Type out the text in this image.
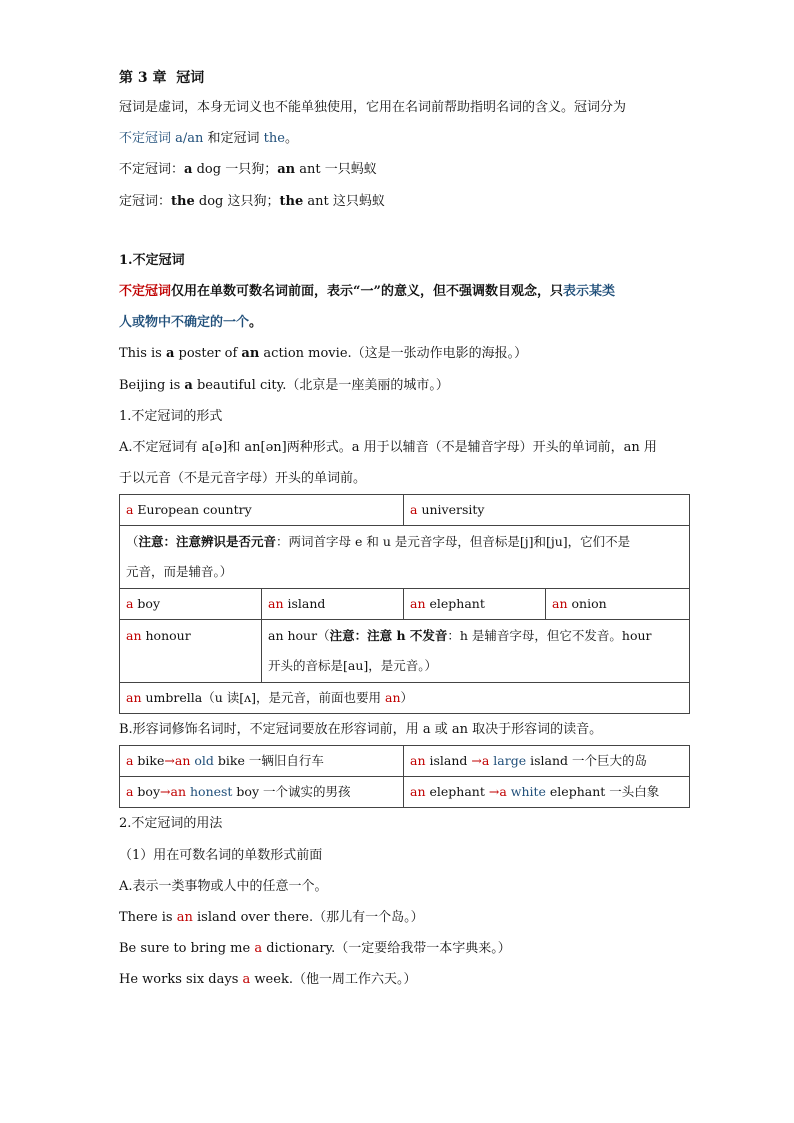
第 3 章 冠词
冠词是虚词，本身无词义也不能单独使用，它用在名词前帮助指明名词的含义。冠词分为
不定冠词 a/an 和定冠词 the。
不定冠词：a dog 一只狗；an ant 一只蚂蚁
定冠词：the dog 这只狗；the ant 这只蚂蚁
1.不定冠词
不定冠词仅用在单数可数名词前面，表示“一”的意义，但不强调数目观念，只表示某类
人或物中不确定的一个。
This is a poster of an action movie.（这是一张动作电影的海报。）
Beijing is a beautiful city.（北京是一座美丽的城市。）
1.不定冠词的形式
A.不定冠词有 a[ə]和 an[ən]两种形式。a 用于以辅音（不是辅音字母）开头的单词前，an 用
于以元音（不是元音字母）开头的单词前。
a European country		a university	

（注意：注意辨识是否元音：两词首字母 e 和 u 是元音字母，但音标是[j]和[ju]，它们不是
元音，而是辅音。）			

a boy	an island	an elephant	an onion
an honour	an hour（注意：注意 h 不发音：h 是辅音字母，但它不发音。hour
开头的音标是[au]，是元音。）		

an umbrella（u 读[ʌ]，是元音，前面也要用 an）			
B.形容词修饰名词时，不定冠词要放在形容词前，用 a 或 an 取决于形容词的读音。
a bike→an old bike 一辆旧自行车	an island →a large island 一个巨大的岛
a boy→an honest boy 一个诚实的男孩	an elephant →a white elephant 一头白象
2.不定冠词的用法
（1）用在可数名词的单数形式前面
A.表示一类事物或人中的任意一个。
There is an island over there.（那儿有一个岛。）
Be sure to bring me a dictionary.（一定要给我带一本字典来。）
He works six days a week.（他一周工作六天。）
